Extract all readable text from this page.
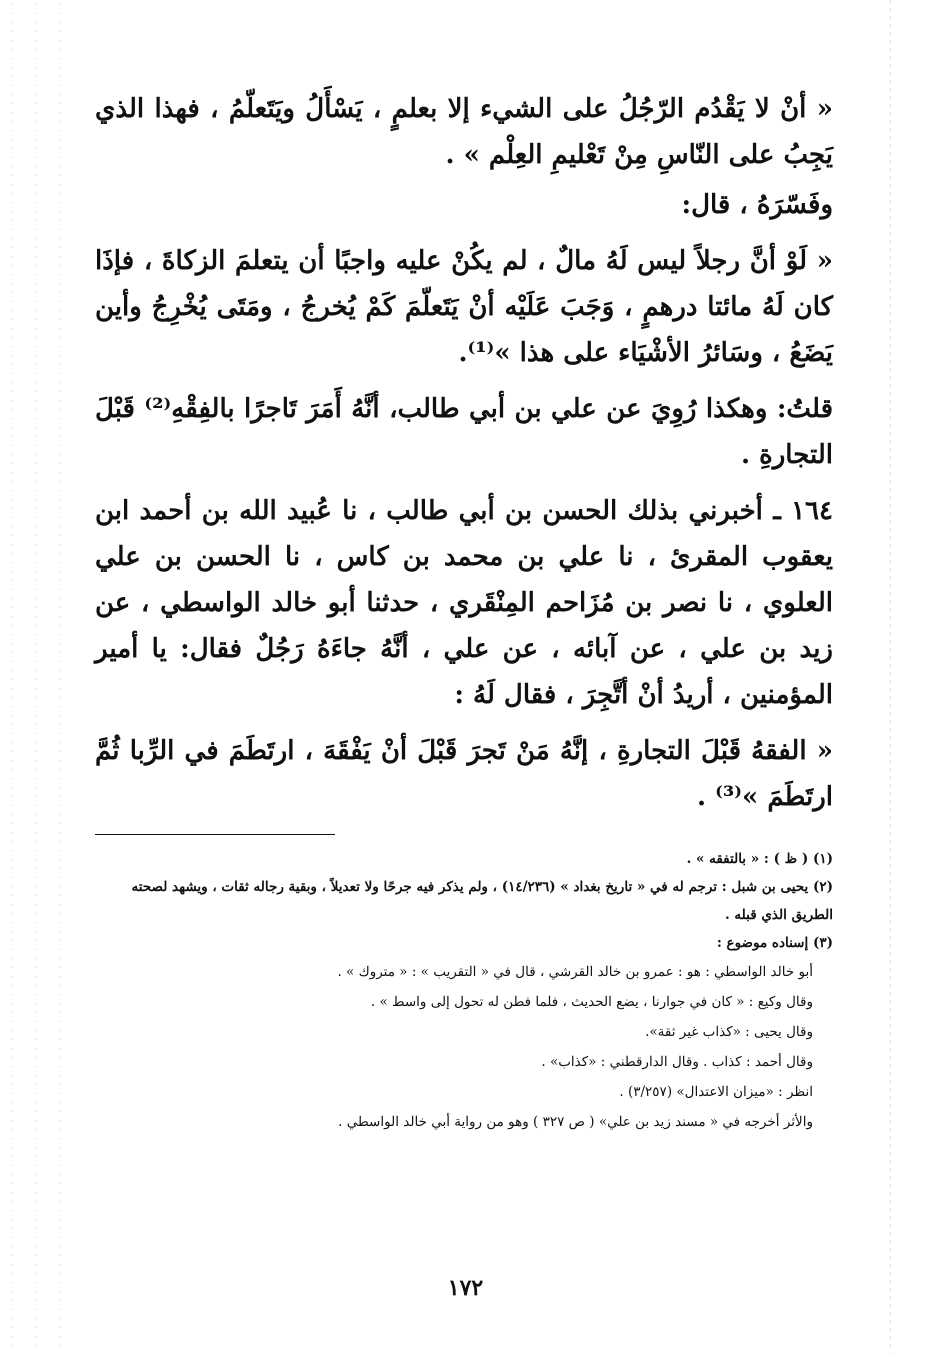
« أنْ لا يَقْدُم الرّجُلُ على الشيء إلا بعلمٍ ، يَسْأَلُ ويَتَعلّمُ ، فهذا الذي يَجِبُ على النّاسِ مِنْ تَعْليمِ العِلْم » .

وفَسّرَهُ ، قال:

« لَوْ أنَّ رجلاً ليس لَهُ مالٌ ، لم يكُنْ عليه واجبًا أن يتعلمَ الزكاةَ ، فإذَا كان لَهُ مائتا درهمٍ ، وَجَبَ عَلَيْه أنْ يَتَعلّمَ كَمْ يُخرجُ ، ومَتَى يُخْرِجُ وأين يَضَعُ ، وسَائرُ الأشْيَاء على هذا »⁽¹⁾.

قلتُ: وهكذا رُوِيَ عن علي بن أبي طالب، أنَّهُ أَمَرَ تَاجرًا بالفِقْهِ⁽²⁾ قَبْلَ التجارةِ .

١٦٤ ـ أخبرني بذلك الحسن بن أبي طالب ، نا عُبيد الله بن أحمد ابن يعقوب المقرئ ، نا علي بن محمد بن كاس ، نا الحسن بن علي العلوي ، نا نصر بن مُزَاحم المِنْقَري ، حدثنا أبو خالد الواسطي ، عن زيد بن علي ، عن آبائه ، عن علي ، أنَّهُ جاءَهُ رَجُلٌ فقال: يا أمير المؤمنين ، أريدُ أنْ أتَّجِرَ ، فقال لَهُ :

« الفقهُ قَبْلَ التجارةِ ، إنَّهُ مَنْ تَجرَ قَبْلَ أنْ يَفْقَهَ ، ارتَطَمَ في الرِّبا ثُمَّ ارتَطَمَ »⁽³⁾ .

(١) ( ظ ) : « بالتفقه » .

(٢) يحيى بن شبل : ترجم له في « تاريخ بغداد » (١٤/٢٣٦) ، ولم يذكر فيه جرحًا ولا تعديلاً ، وبقية رجاله ثقات ، ويشهد لصحته الطريق الذي قبله .

(٣) إسناده موضوع :

أبو خالد الواسطي : هو : عمرو بن خالد القرشي ، قال في « التقريب » : « متروك » .

وقال وكيع : « كان في جوارنا ، يضع الحديث ، فلما فطن له تحول إلى واسط » .

وقال يحيى : «كذاب غير ثقة».

وقال أحمد : كذاب . وقال الدارقطني : «كذاب» .

انظر : «ميزان الاعتدال» (٣/٢٥٧) .

والأثر أخرجه في « مسند زيد بن علي» ( ص ٣٢٧ ) وهو من رواية أبي خالد الواسطي .

١٧٢
